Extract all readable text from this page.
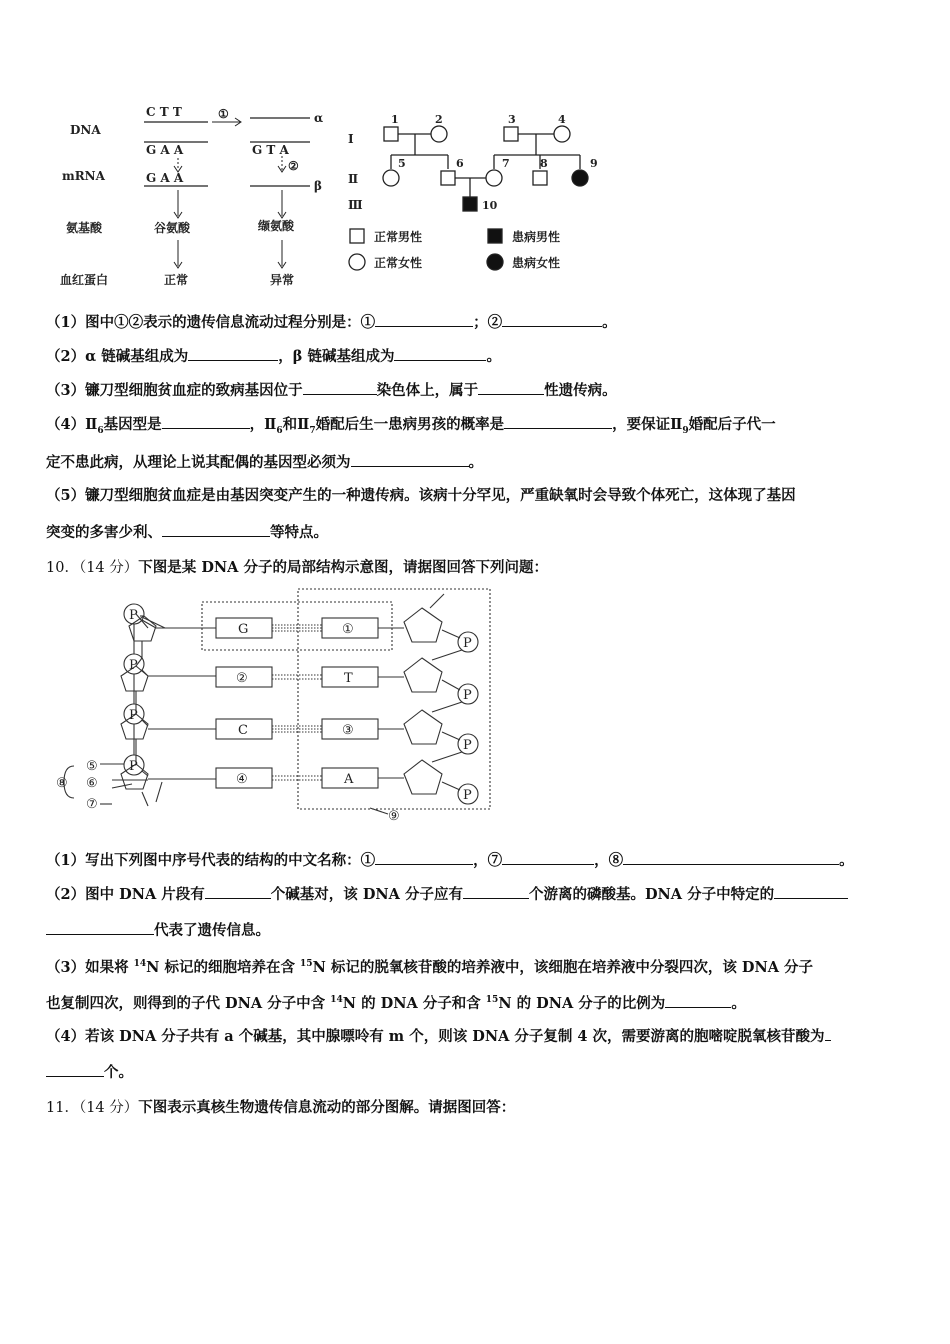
DNA
mRNA
氨基酸
血红蛋白
C T T
G A A
G A A
谷氨酸
正常
①	α
G T A
②
β
缬氨酸
异常
Ⅰ
Ⅱ
Ⅲ
1	2	3	4
5	6	7	8	9
10
正常男性	患病男性
正常女性	患病女性
（1）图中①②表示的遗传信息流动过程分别是：①	；②	。
（2）α 链碱基组成为	，β 链碱基组成为	。
（3）镰刀型细胞贫血症的致病基因位于	染色体上，属于	性遗传病。
$(4)Ⅱ_6$基因型是	，$Ⅱ_6$和$Ⅱ_7$婚配后生一患病男孩的概率是	，要保证$Ⅱ_9$婚配后子代一
定不患此病，从理论上说其配偶的基因型必须为	。
（5）镰刀型细胞贫血症是由基因突变产生的一种遗传病。该病十分罕见，严重缺氧时会导致个体死亡，这体现了基因
突变的多害少利、	等特点。
10．（14 分）下图是某 DNA 分子的局部结构示意图，请据图回答下列问题：
P
P
P
P
P
P
P
P
G
②
C
④
①
T
③
A
⑤
⑥
⑦
⑧
⑨
（1）写出下列图中序号代表的结构的中文名称：①	，⑦	，⑧	。
（2）图中 DNA 片段有	个碱基对，该 DNA 分子应有	个游离的磷酸基。DNA 分子中特定的
代表了遗传信息。
（3）如果将 $^{14}$N 标记的细胞培养在含 $^{15}$N 标记的脱氧核苷酸的培养液中，该细胞在培养液中分裂四次，该 DNA 分子
也复制四次，则得到的子代 DNA 分子中含 $^{14}$N 的 DNA 分子和含 $^{15}$N 的 DNA 分子的比例为	。
（4）若该 DNA 分子共有 a 个碱基，其中腺嘌呤有 m 个，则该 DNA 分子复制 4 次，需要游离的胞嘧啶脱氧核苷酸为
个。
11．（14 分）下图表示真核生物遗传信息流动的部分图解。请据图回答：
